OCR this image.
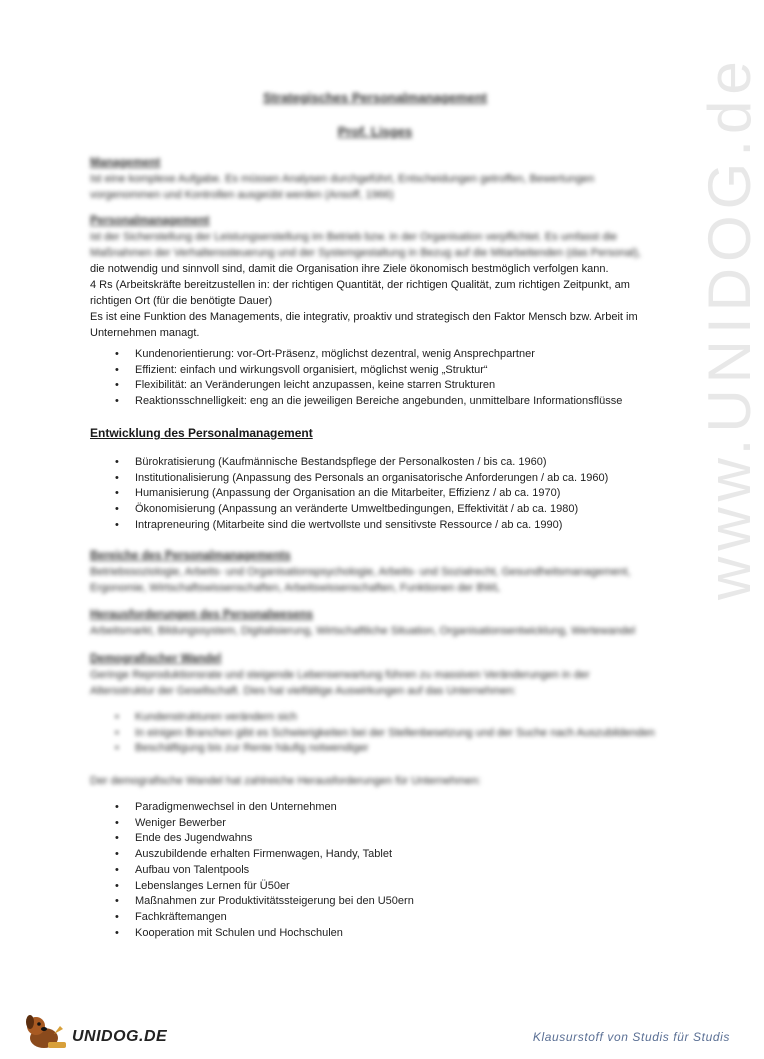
www.UNIDOG.de
Strategisches Personalmanagement
Prof. Lisges
Management
Ist eine komplexe Aufgabe. Es müssen Analysen durchgeführt, Entscheidungen getroffen, Bewertungen
vorgenommen und Kontrollen ausgeübt werden (Ansoff, 1966)
Personalmanagement
ist der Sicherstellung der Leistungserstellung im Betrieb bzw. in der Organisation verpflichtet. Es umfasst die
Maßnahmen der Verhaltenssteuerung und der Systemgestaltung in Bezug auf die Mitarbeitenden (das Personal),
die notwendig und sinnvoll sind, damit die Organisation ihre Ziele ökonomisch bestmöglich verfolgen kann.
4 Rs (Arbeitskräfte bereitzustellen in: der richtigen Quantität, der richtigen Qualität, zum richtigen Zeitpunkt, am
richtigen Ort (für die benötigte Dauer)
Es ist eine Funktion des Managements, die integrativ, proaktiv und strategisch den Faktor Mensch bzw. Arbeit im
Unternehmen managt.
• Kundenorientierung: vor-Ort-Präsenz, möglichst dezentral, wenig Ansprechpartner
• Effizient: einfach und wirkungsvoll organisiert, möglichst wenig „Struktur“
• Flexibilität: an Veränderungen leicht anzupassen, keine starren Strukturen
• Reaktionsschnelligkeit: eng an die jeweiligen Bereiche angebunden, unmittelbare Informationsflüsse
Entwicklung des Personalmanagement
• Bürokratisierung (Kaufmännische Bestandspflege der Personalkosten / bis ca. 1960)
• Institutionalisierung (Anpassung des Personals an organisatorische Anforderungen / ab ca. 1960)
• Humanisierung (Anpassung der Organisation an die Mitarbeiter, Effizienz / ab ca. 1970)
• Ökonomisierung (Anpassung an veränderte Umweltbedingungen, Effektivität / ab ca. 1980)
• Intrapreneuring (Mitarbeite sind die wertvollste und sensitivste Ressource / ab ca. 1990)
Bereiche des Personalmanagements
Betriebssoziologie, Arbeits- und Organisationspsychologie, Arbeits- und Sozialrecht, Gesundheitsmanagement,
Ergonomie, Wirtschaftswissenschaften, Arbeitswissenschaften, Funktionen der BWL
Herausforderungen des Personalwesens
Arbeitsmarkt, Bildungssystem, Digitalisierung, Wirtschaftliche Situation, Organisationsentwicklung, Wertewandel
Demografischer Wandel
Geringe Reproduktionsrate und steigende Lebenserwartung führen zu massiven Veränderungen in der
Altersstruktur der Gesellschaft. Dies hat vielfältige Auswirkungen auf das Unternehmen:
• Kundenstrukturen verändern sich
• In einigen Branchen gibt es Schwierigkeiten bei der Stellenbesetzung und der Suche nach Auszubildenden
• Beschäftigung bis zur Rente häufig notwendiger
Der demografische Wandel hat zahlreiche Herausforderungen für Unternehmen:
• Paradigmenwechsel in den Unternehmen
• Weniger Bewerber
• Ende des Jugendwahns
• Auszubildende erhalten Firmenwagen, Handy, Tablet
• Aufbau von Talentpools
• Lebenslanges Lernen für Ü50er
• Maßnahmen zur Produktivitätssteigerung bei den U50ern
• Fachkräftemangen
• Kooperation mit Schulen und Hochschulen
UNIDOG.DE	Klausurstoff von Studis für Studis
